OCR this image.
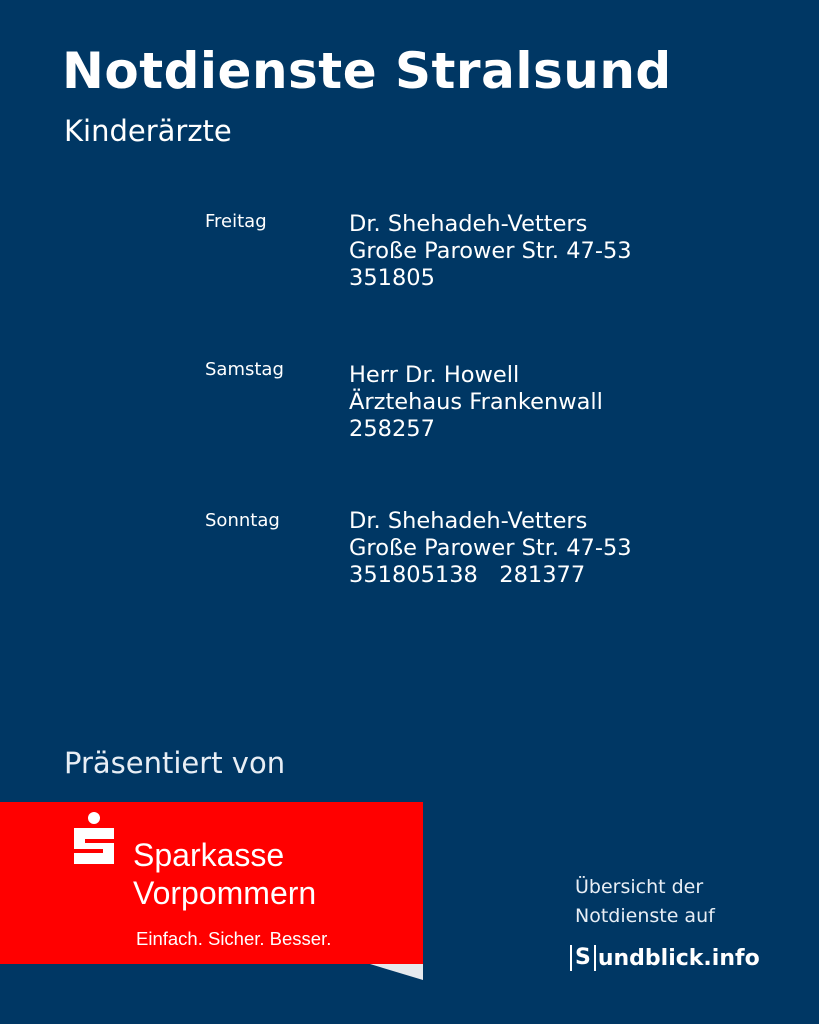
Notdienste Stralsund
Kinderärzte
Freitag	Dr. Shehadeh-Vetters
Große Parower Str. 47-53
351805
Samstag	Herr Dr. Howell
Ärztehaus Frankenwall
258257
Sonntag	Dr. Shehadeh-Vetters
Große Parower Str. 47-53
351805138   281377
Präsentiert von
Sparkasse
Vorpommern
Einfach. Sicher. Besser.
Übersicht der
Notdienste auf
S undblick.info
